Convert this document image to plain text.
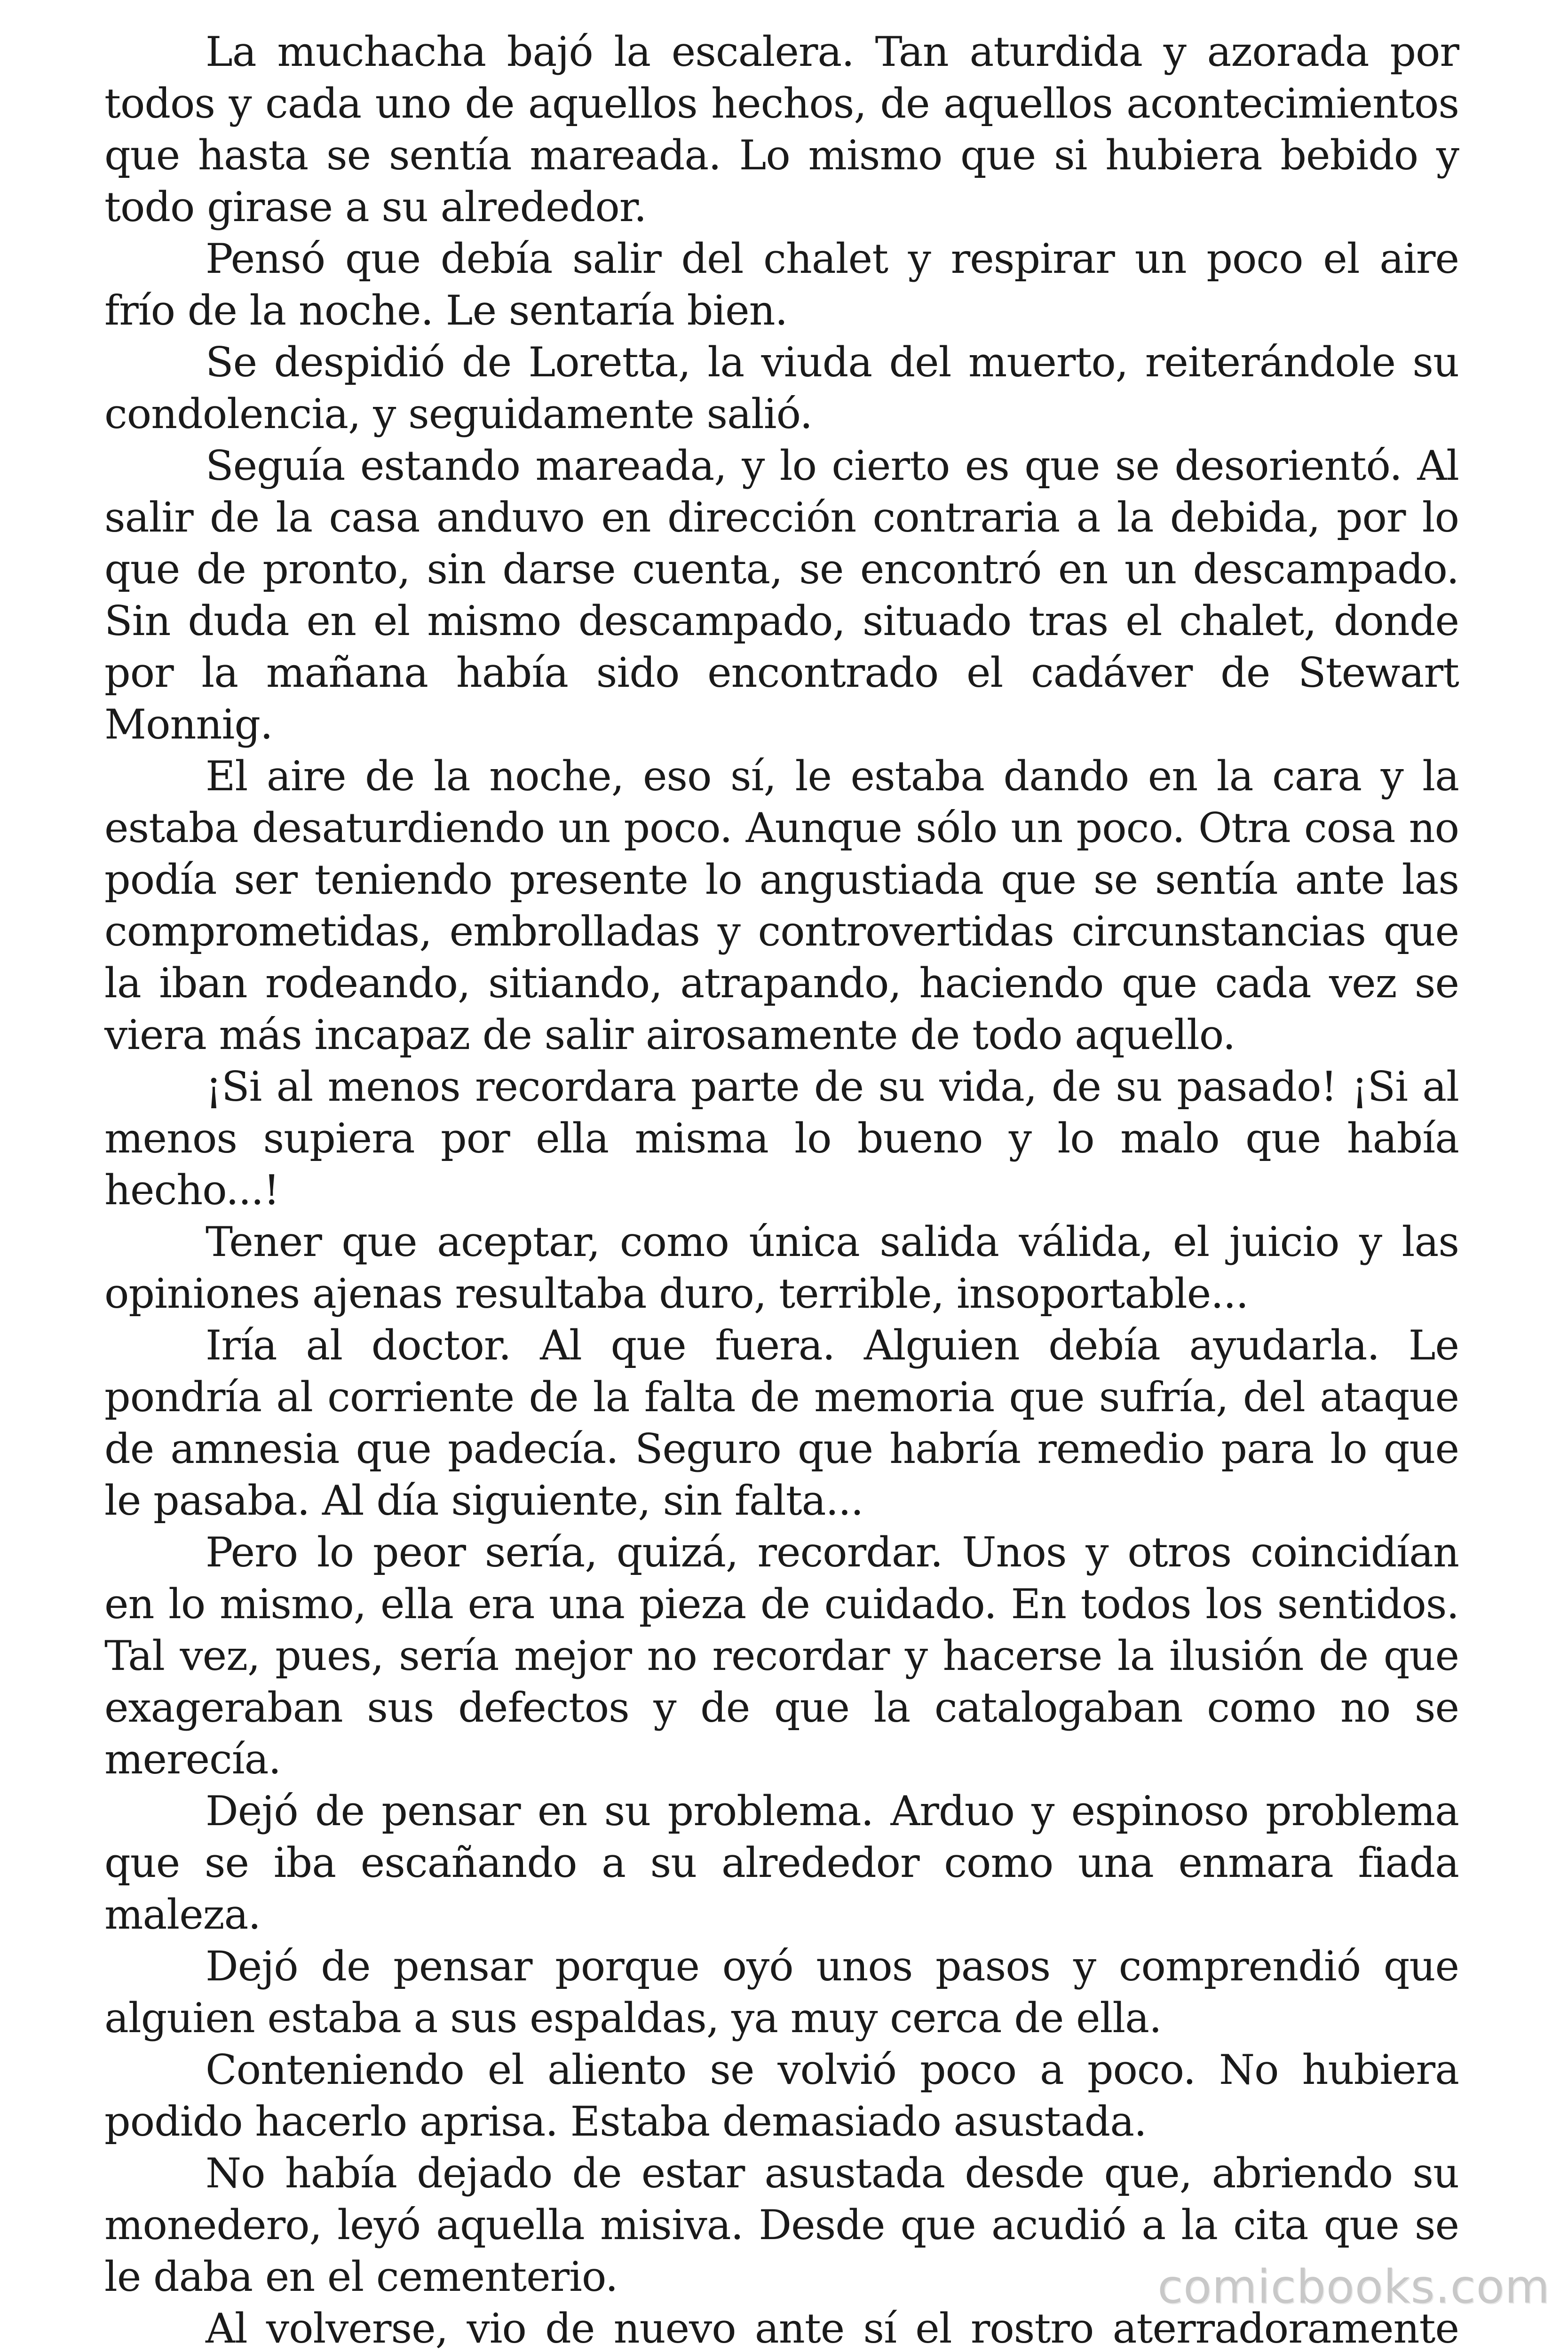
La muchacha bajó la escalera. Tan aturdida y azorada por todos y cada uno de aquellos hechos, de aquellos acontecimientos que hasta se sentía mareada. Lo mismo que si hubiera bebido y todo girase a su alrededor.

Pensó que debía salir del chalet y respirar un poco el aire frío de la noche. Le sentaría bien.

Se despidió de Loretta, la viuda del muerto, reiterándole su condolencia, y seguidamente salió.

Seguía estando mareada, y lo cierto es que se desorientó. Al salir de la casa anduvo en dirección contraria a la debida, por lo que de pronto, sin darse cuenta, se encontró en un descampado. Sin duda en el mismo descampado, situado tras el chalet, donde por la mañana había sido encontrado el cadáver de Stewart Monnig.

El aire de la noche, eso sí, le estaba dando en la cara y la estaba desaturdiendo un poco. Aunque sólo un poco. Otra cosa no podía ser teniendo presente lo angustiada que se sentía ante las comprometidas, embrolladas y controvertidas circunstancias que la iban rodeando, sitiando, atrapando, haciendo que cada vez se viera más incapaz de salir airosamente de todo aquello.

¡Si al menos recordara parte de su vida, de su pasado! ¡Si al menos supiera por ella misma lo bueno y lo malo que había hecho...!

Tener que aceptar, como única salida válida, el juicio y las opiniones ajenas resultaba duro, terrible, insoportable...

Iría al doctor. Al que fuera. Alguien debía ayudarla. Le pondría al corriente de la falta de memoria que sufría, del ataque de amnesia que padecía. Seguro que habría remedio para lo que le pasaba. Al día siguiente, sin falta...

Pero lo peor sería, quizá, recordar. Unos y otros coincidían en lo mismo, ella era una pieza de cuidado. En todos los sentidos. Tal vez, pues, sería mejor no recordar y hacerse la ilusión de que exageraban sus defectos y de que la catalogaban como no se merecía.

Dejó de pensar en su problema. Arduo y espinoso problema que se iba escañando a su alrededor como una enmara fiada maleza.

Dejó de pensar porque oyó unos pasos y comprendió que alguien estaba a sus espaldas, ya muy cerca de ella.

Conteniendo el aliento se volvió poco a poco. No hubiera podido hacerlo aprisa. Estaba demasiado asustada.

No había dejado de estar asustada desde que, abriendo su monedero, leyó aquella misiva. Desde que acudió a la cita que se le daba en el cementerio.

Al volverse, vio de nuevo ante sí el rostro aterradoramente

comicbooks.com
